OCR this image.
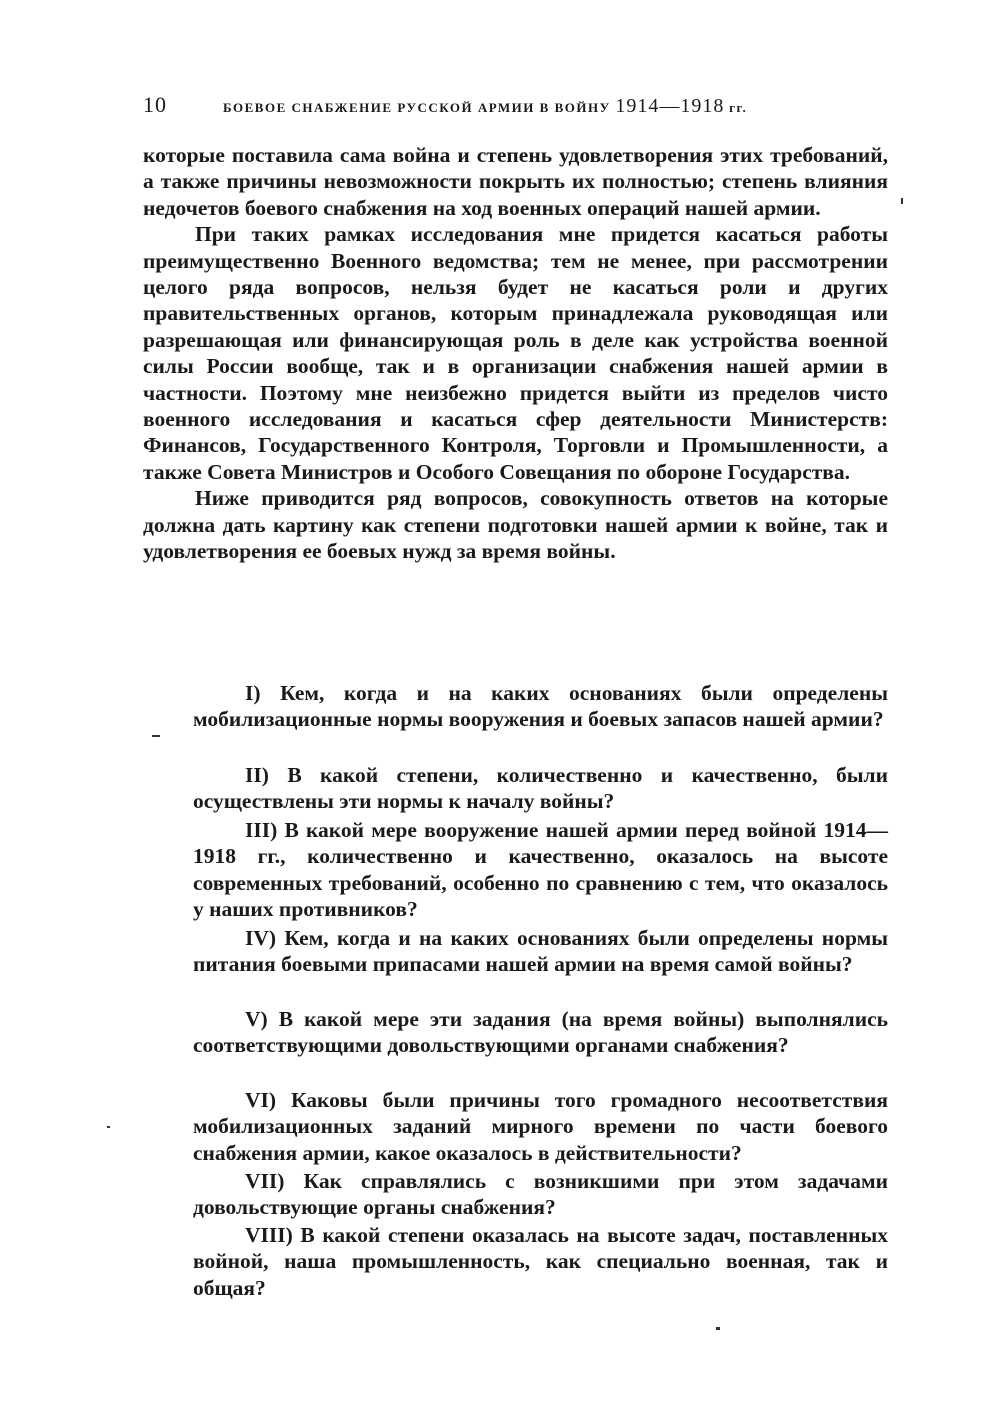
10	БОЕВОЕ СНАБЖЕНИЕ РУССКОЙ АРМИИ В ВОЙНУ 1914—1918 гг.

которые поставила сама война и степень удовлетворения этих требований, а также причины невозможности покрыть их полностью; степень влияния недочетов боевого снабжения на ход военных операций нашей армии.

При таких рамках исследования мне придется касаться работы преимущественно Военного ведомства; тем не менее, при рассмотрении целого ряда вопросов, нельзя будет не касаться роли и других правительственных органов, которым принадлежала руководящая или разрешающая или финансирующая роль в деле как устройства военной силы России вообще, так и в организации снабжения нашей армии в частности. Поэтому мне неизбежно придется выйти из пределов чисто военного исследования и касаться сфер деятельности Министерств: Финансов, Государственного Контроля, Торговли и Промышленности, а также Совета Министров и Особого Совещания по обороне Государства.

Ниже приводится ряд вопросов, совокупность ответов на которые должна дать картину как степени подготовки нашей армии к войне, так и удовлетворения ее боевых нужд за время войны.

I) Кем, когда и на каких основаниях были определены мобилизационные нормы вооружения и боевых запасов нашей армии?

II) В какой степени, количественно и качественно, были осуществлены эти нормы к началу войны?

III) В какой мере вооружение нашей армии перед войной 1914—1918 гг., количественно и качественно, оказалось на высоте современных требований, особенно по сравнению с тем, что оказалось у наших противников?

IV) Кем, когда и на каких основаниях были определены нормы питания боевыми припасами нашей армии на время самой войны?

V) В какой мере эти задания (на время войны) выполнялись соответствующими довольствующими органами снабжения?

VI) Каковы были причины того громадного несоответствия мобилизационных заданий мирного времени по части боевого снабжения армии, какое оказалось в действительности?

VII) Как справлялись с возникшими при этом задачами довольствующие органы снабжения?

VIII) В какой степени оказалась на высоте задач, поставленных войной, наша промышленность, как специально военная, так и общая?
